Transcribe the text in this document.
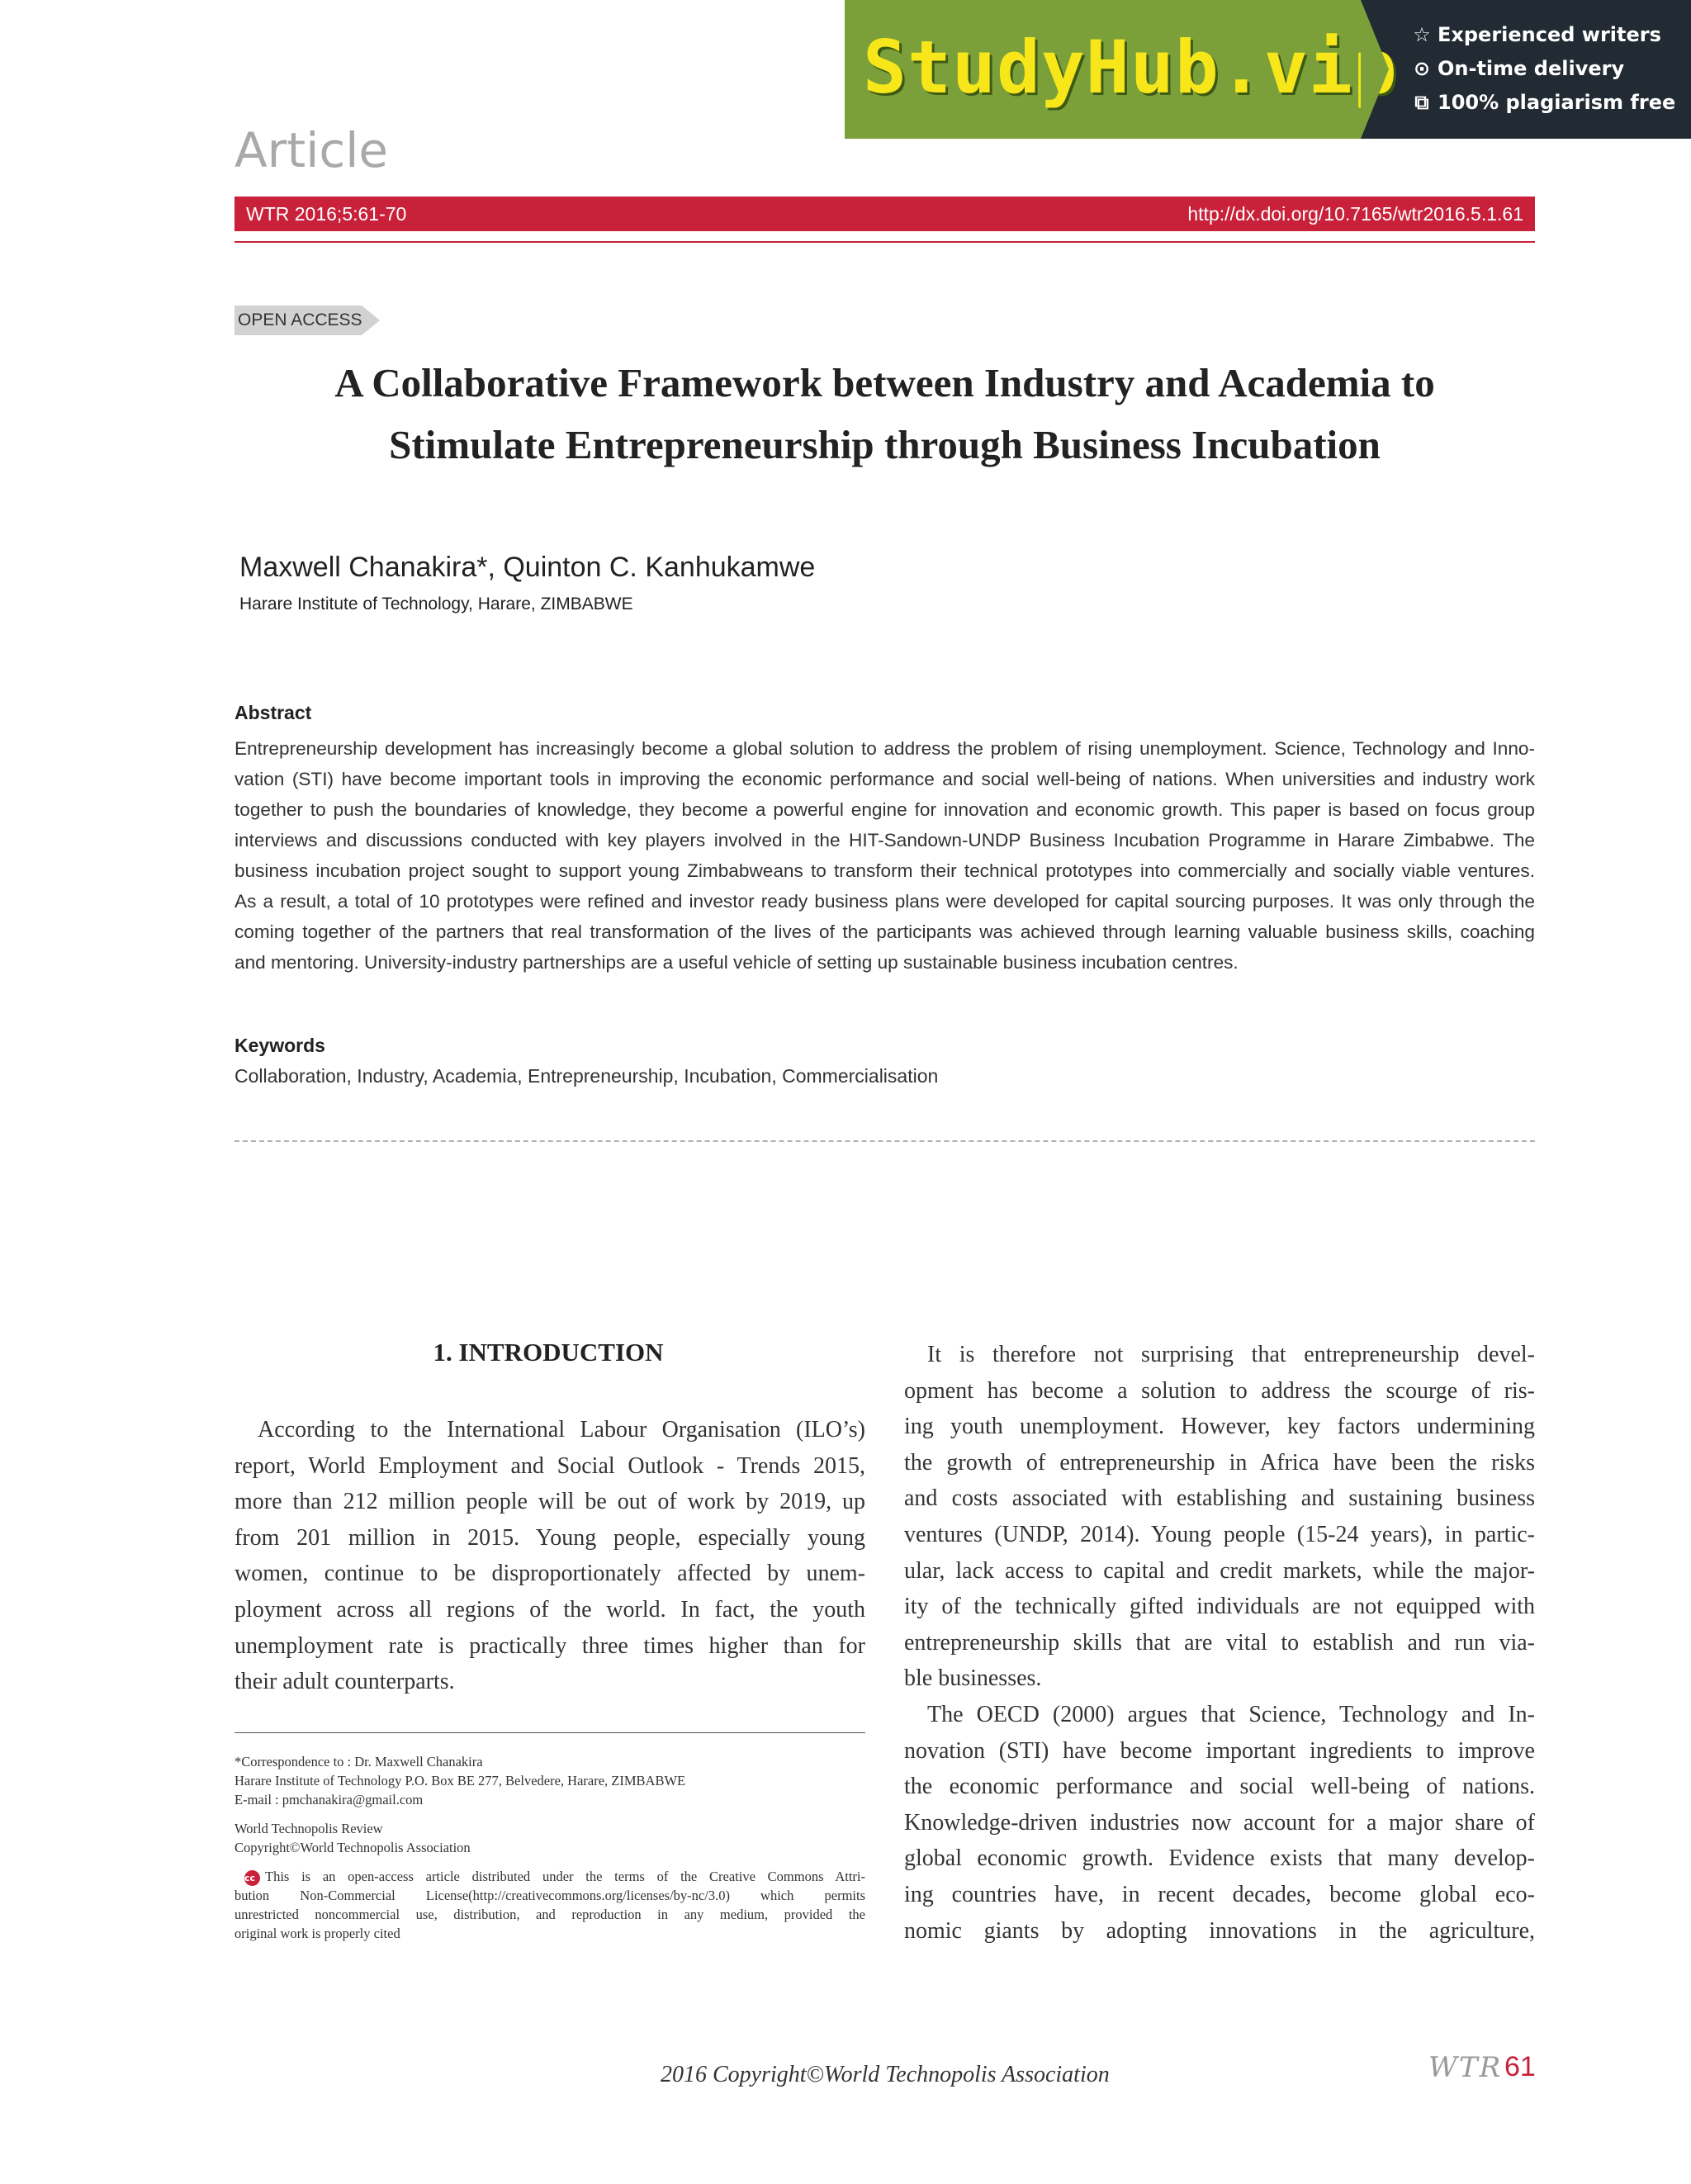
StudyHub.vip ☆ Experienced writers
⊙ On-time delivery
⧉ 100% plagiarism free
Article
WTR 2016;5:61-70	http://dx.doi.org/10.7165/wtr2016.5.1.61
OPEN ACCESS
A Collaborative Framework between Industry and Academia to
Stimulate Entrepreneurship through Business Incubation
Maxwell Chanakira*, Quinton C. Kanhukamwe
Harare Institute of Technology, Harare, ZIMBABWE
Abstract
Entrepreneurship development has increasingly become a global solution to address the problem of rising unemployment. Science, Technology and Inno-
vation (STI) have become important tools in improving the economic performance and social well-being of nations. When universities and industry work
together to push the boundaries of knowledge, they become a powerful engine for innovation and economic growth. This paper is based on focus group
interviews and discussions conducted with key players involved in the HIT-Sandown-UNDP Business Incubation Programme in Harare Zimbabwe. The
business incubation project sought to support young Zimbabweans to transform their technical prototypes into commercially and socially viable ventures.
As a result, a total of 10 prototypes were refined and investor ready business plans were developed for capital sourcing purposes. It was only through the
coming together of the partners that real transformation of the lives of the participants was achieved through learning valuable business skills, coaching
and mentoring. University-industry partnerships are a useful vehicle of setting up sustainable business incubation centres.
Keywords
Collaboration, Industry, Academia, Entrepreneurship, Incubation, Commercialisation
1. INTRODUCTION
According to the International Labour Organisation (ILO’s)
report, World Employment and Social Outlook - Trends 2015,
more than 212 million people will be out of work by 2019, up
from 201 million in 2015. Young people, especially young
women, continue to be disproportionately affected by unem-
ployment across all regions of the world. In fact, the youth
unemployment rate is practically three times higher than for
their adult counterparts.
It is therefore not surprising that entrepreneurship devel-
opment has become a solution to address the scourge of ris-
ing youth unemployment. However, key factors undermining
the growth of entrepreneurship in Africa have been the risks
and costs associated with establishing and sustaining business
ventures (UNDP, 2014). Young people (15-24 years), in partic-
ular, lack access to capital and credit markets, while the major-
ity of the technically gifted individuals are not equipped with
entrepreneurship skills that are vital to establish and run via-
ble businesses.
The OECD (2000) argues that Science, Technology and In-
novation (STI) have become important ingredients to improve
the economic performance and social well-being of nations.
Knowledge-driven industries now account for a major share of
global economic growth. Evidence exists that many develop-
ing countries have, in recent decades, become global eco-
nomic giants by adopting innovations in the agriculture,
*Correspondence to : Dr. Maxwell Chanakira
Harare Institute of Technology P.O. Box BE 277, Belvedere, Harare, ZIMBABWE
E-mail : pmchanakira@gmail.com
World Technopolis Review
Copyright©World Technopolis Association
cc This is an open-access article distributed under the terms of the Creative Commons Attri-
bution Non-Commercial License(http://creativecommons.org/licenses/by-nc/3.0) which permits
unrestricted noncommercial use, distribution, and reproduction in any medium, provided the
original work is properly cited
2016 Copyright©World Technopolis Association	WTR 61
